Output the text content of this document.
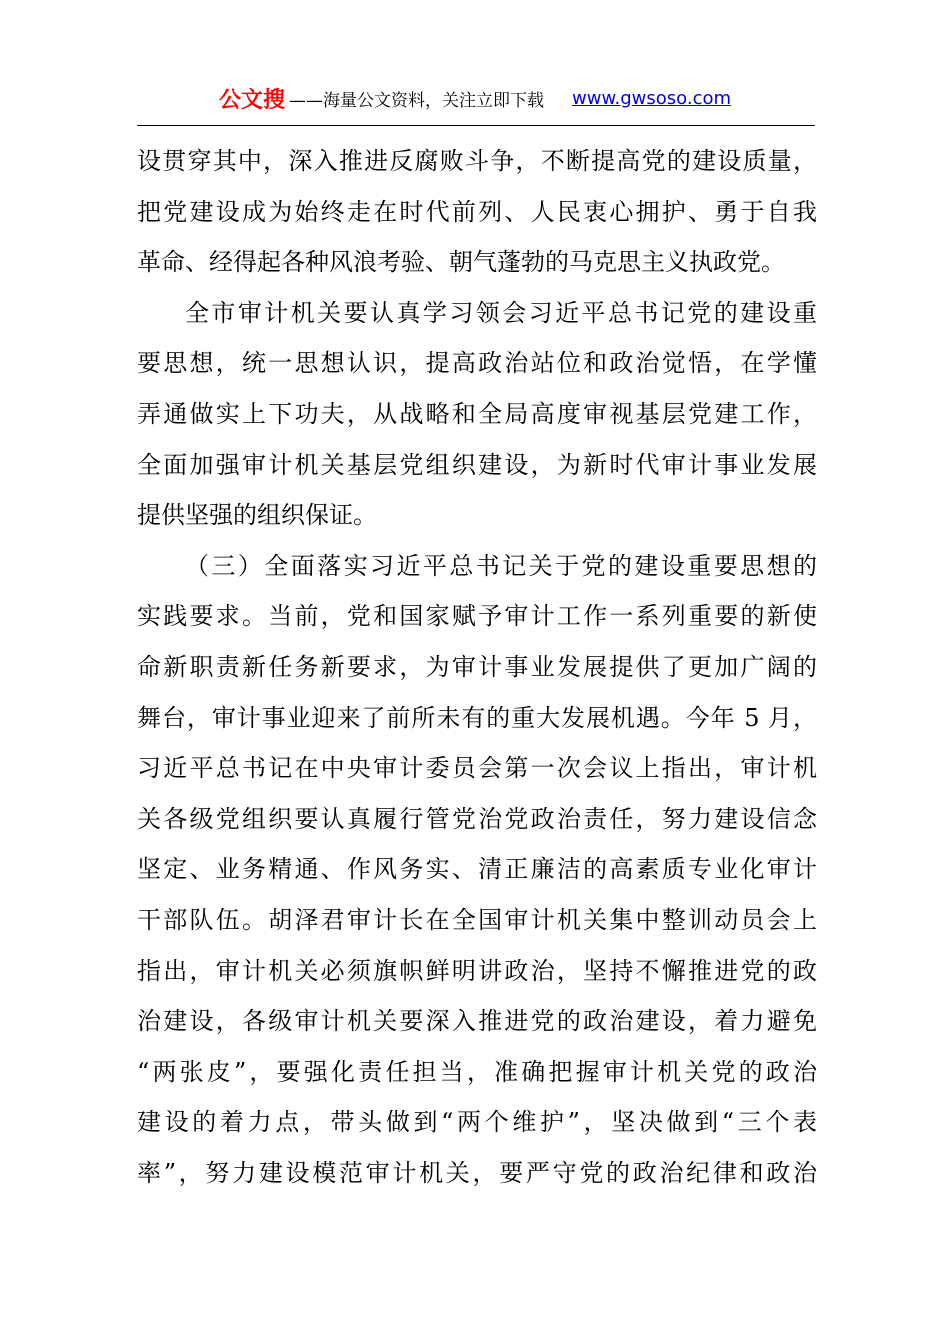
公文搜 ——海量公文资料，关注立即下载 www.gwsoso.com
设贯穿其中，深入推进反腐败斗争，不断提高党的建设质量，
把党建设成为始终走在时代前列、人民衷心拥护、勇于自我
革命、经得起各种风浪考验、朝气蓬勃的马克思主义执政党。
全市审计机关要认真学习领会习近平总书记党的建设重
要思想，统一思想认识，提高政治站位和政治觉悟，在学懂
弄通做实上下功夫，从战略和全局高度审视基层党建工作，
全面加强审计机关基层党组织建设，为新时代审计事业发展
提供坚强的组织保证。
（三）全面落实习近平总书记关于党的建设重要思想的
实践要求。当前，党和国家赋予审计工作一系列重要的新使
命新职责新任务新要求，为审计事业发展提供了更加广阔的
舞台，审计事业迎来了前所未有的重大发展机遇。今年 5 月，
习近平总书记在中央审计委员会第一次会议上指出，审计机
关各级党组织要认真履行管党治党政治责任，努力建设信念
坚定、业务精通、作风务实、清正廉洁的高素质专业化审计
干部队伍。胡泽君审计长在全国审计机关集中整训动员会上
指出，审计机关必须旗帜鲜明讲政治，坚持不懈推进党的政
治建设，各级审计机关要深入推进党的政治建设，着力避免
“两张皮”，要强化责任担当，准确把握审计机关党的政治
建设的着力点，带头做到“两个维护”，坚决做到“三个表
率”，努力建设模范审计机关，要严守党的政治纪律和政治
